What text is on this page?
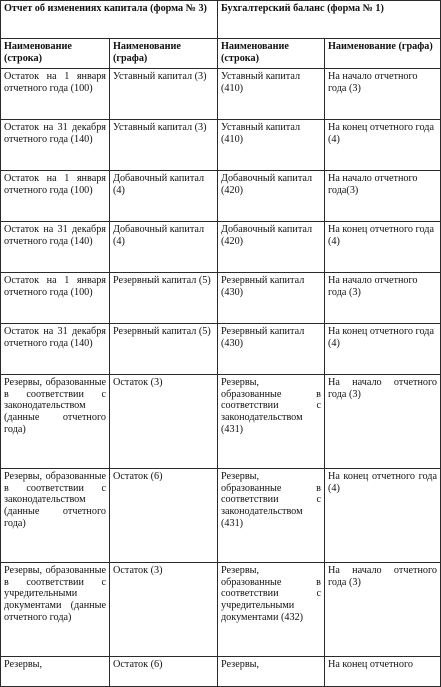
Отчет об изменениях капитала (форма № 3)		Бухгалтерский баланс (форма № 1)	
Наименование (строка)	Наименование (графа)	Наименование (строка)	Наименование (графа)
Остаток на 1 января отчетного года (100)	Уставный капитал (3)	Уставный капитал (410)	На начало отчетного года (3)
Остаток на 31 декабря отчетного года (140)	Уставный капитал (3)	Уставный капитал (410)	На конец отчетного года (4)
Остаток на 1 января отчетного года (100)	Добавочный капитал (4)	Добавочный капитал (420)	На начало отчетного года(3)
Остаток на 31 декабря отчетного года (140)	Добавочный капитал (4)	Добавочный капитал (420)	На конец отчетного года (4)
Остаток на 1 января отчетного года (100)	Резервный капитал (5)	Резервный капитал (430)	На начало отчетного года (3)
Остаток на 31 декабря отчетного года (140)	Резервный капитал (5)	Резервный капитал (430)	На конец отчетного года (4)
Резервы, образованные в соответствии с законодательством (данные отчетного года)	Остаток (3)	Резервы, образованные в соответствии с законодательством (431)	На начало отчетного года (3)
Резервы, образованные в соответствии с законодательством (данные отчетного года)	Остаток (6)	Резервы, образованные в соответствии с законодательством (431)	На конец отчетного года (4)
Резервы, образованные в соответствии с учредительными документами (данные отчетного года)	Остаток (3)	Резервы, образованные в соответствии с учредительными документами (432)	На начало отчетного года (3)
Резервы,	Остаток (6)	Резервы,	На конец отчетного
